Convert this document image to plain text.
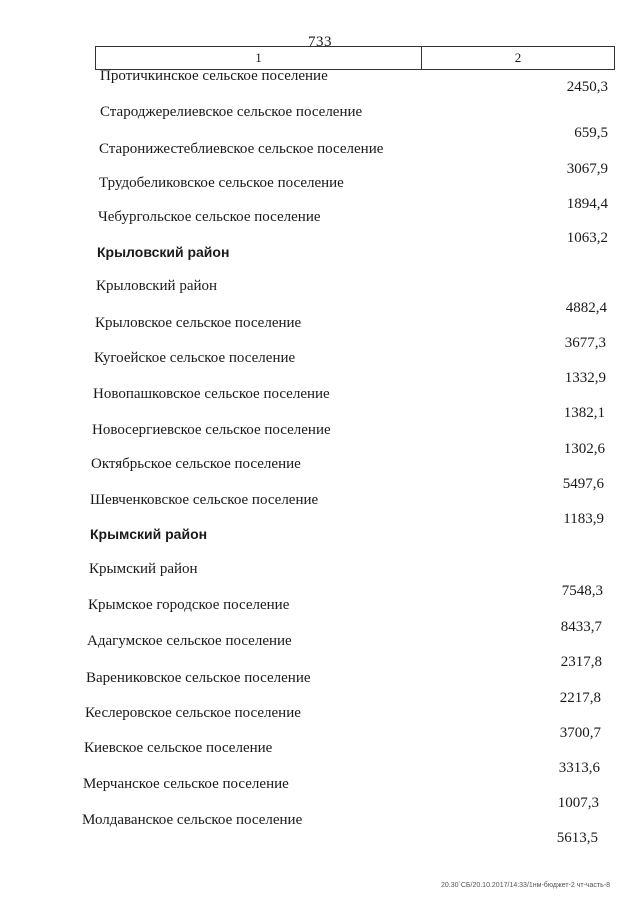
733
1	2
Протичкинское сельское поселение
2450,3
Староджерелиевское сельское поселение
659,5
Старонижестеблиевское сельское поселение
3067,9
Трудобеликовское сельское поселение
1894,4
Чебургольское сельское поселение
1063,2
Крыловский район
Крыловский район
4882,4
Крыловское сельское поселение
3677,3
Кугоейское сельское поселение
1332,9
Новопашковское сельское поселение
1382,1
Новосергиевское сельское поселение
1302,6
Октябрьское сельское поселение
5497,6
Шевченковское сельское поселение
1183,9
Крымский район
Крымский район
7548,3
Крымское городское поселение
8433,7
Адагумское сельское поселение
2317,8
Варениковское сельское поселение
2217,8
Кеслеровское сельское поселение
3700,7
Киевское сельское поселение
3313,6
Мерчанское сельское поселение
1007,3
Молдаванское сельское поселение
5613,5
20.30`СБ/20.10.2017/14:33/1нм-бюджет-2 чт-часть-8
